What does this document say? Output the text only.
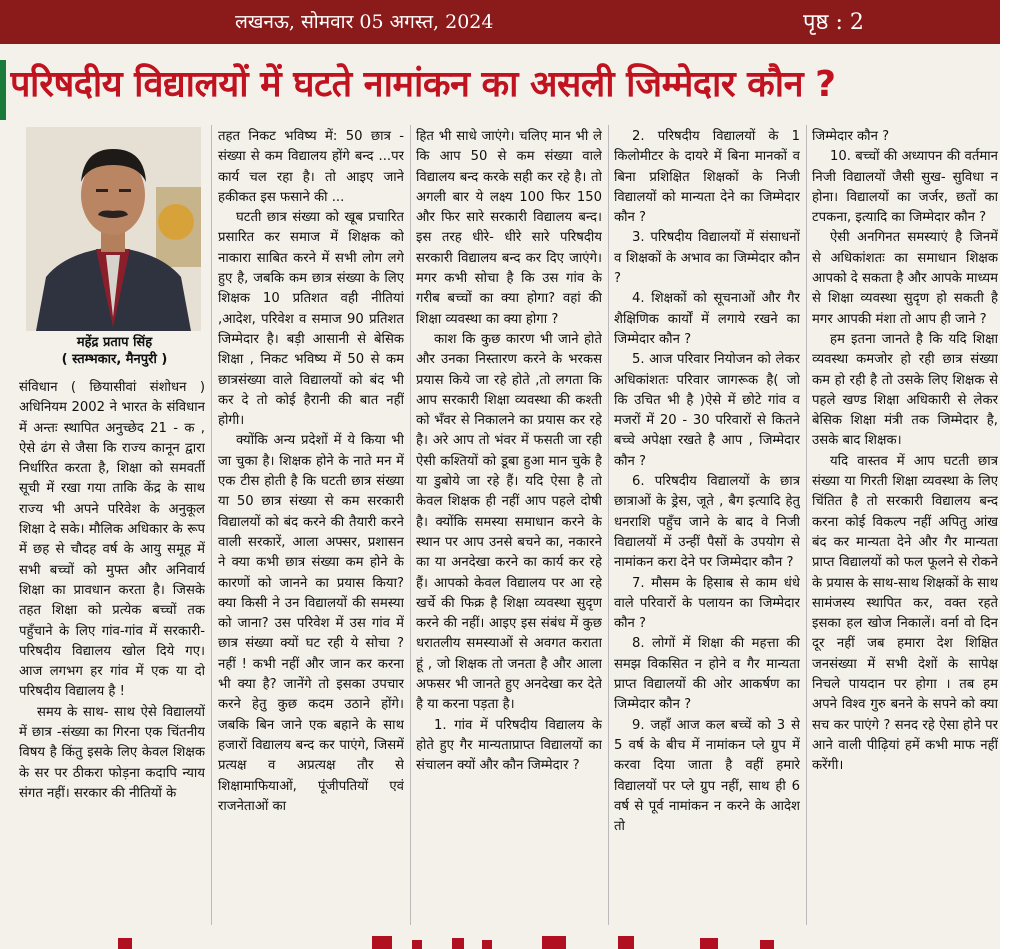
लखनऊ, सोमवार 05 अगस्त, 2024	पृष्ठ : 2
परिषदीय विद्यालयों में घटते नामांकन का असली जिम्मेदार कौन ?
महेंद्र प्रताप सिंह
( स्तम्भकार, मैनपुरी )

संविधान ( छियासीवां संशोधन ) अधिनियम 2002 ने भारत के संविधान में अन्तः स्थापित अनुच्छेद 21 - क , ऐसे ढंग से जैसा कि राज्य कानून द्वारा निर्धारित करता है, शिक्षा को समवर्ती सूची में रखा गया ताकि केंद्र के साथ राज्य भी अपने परिवेश के अनुकूल शिक्षा दे सके। मौलिक अधिकार के रूप में छह से चौदह वर्ष के आयु समूह में सभी बच्चों को मुफ्त और अनिवार्य शिक्षा का प्रावधान करता है। जिसके तहत शिक्षा को प्रत्येक बच्चों तक पहुँचाने के लिए गांव-गांव में सरकारी-परिषदीय विद्यालय खोल दिये गए। आज लगभग हर गांव में एक या दो परिषदीय विद्यालय है !

समय के साथ- साथ ऐसे विद्यालयों में छात्र -संख्या का गिरना एक चिंतनीय विषय है किंतु इसके लिए केवल शिक्षक के सर पर ठीकरा फोड़ना कदापि न्याय संगत नहीं। सरकार की नीतियों के

तहत निकट भविष्य में: 50 छात्र - संख्या से कम विद्यालय होंगे बन्द ...पर कार्य चल रहा है। तो आइए जाने हकीकत इस फसाने की ...

घटती छात्र संख्या को खूब प्रचारित प्रसारित कर समाज में शिक्षक को नाकारा साबित करने में सभी लोग लगे हुए है, जबकि कम छात्र संख्या के लिए शिक्षक 10 प्रतिशत वही नीतियां ,आदेश, परिवेश व समाज 90 प्रतिशत जिम्मेदार है। बड़ी आसानी से बेसिक शिक्षा , निकट भविष्य में 50 से कम छात्रसंख्या वाले विद्यालयों को बंद भी कर दे तो कोई हैरानी की बात नहीं होगी।

क्योंकि अन्य प्रदेशों में ये किया भी जा चुका है। शिक्षक होने के नाते मन में एक टीस होती है कि घटती छात्र संख्या या 50 छात्र संख्या से कम सरकारी विद्यालयों को बंद करने की तैयारी करने वाली सरकारें, आला अफ्सर, प्रशासन ने क्या कभी छात्र संख्या कम होने के कारणों को जानने का प्रयास किया? क्या किसी ने उन विद्यालयों की समस्या को जाना? उस परिवेश में उस गांव में छात्र संख्या क्यों घट रही ये सोचा ? नहीं ! कभी नहीं और जान कर करना भी क्या है? जानेंगे तो इसका उपचार करने हेतु कुछ कदम उठाने होंगे। जबकि बिन जाने एक बहाने के साथ हजारों विद्यालय बन्द कर पाएंगे, जिसमें प्रत्यक्ष व अप्रत्यक्ष तौर से शिक्षामाफियाओं, पूंजीपतियों एवं राजनेताओं का

हित भी साधे जाएंगे। चलिए मान भी ले कि आप 50 से कम संख्या वाले विद्यालय बन्द करके सही कर रहे है। तो अगली बार ये लक्ष्य 100 फिर 150 और फिर सारे सरकारी विद्यालय बन्द। इस तरह धीरे- धीरे सारे परिषदीय सरकारी विद्यालय बन्द कर दिए जाएंगे। मगर कभी सोचा है कि उस गांव के गरीब बच्चों का क्या होगा? वहां की शिक्षा व्यवस्था का क्या होगा ?

काश कि कुछ कारण भी जाने होते और उनका निस्तारण करने के भरकस प्रयास किये जा रहे होते ,तो लगता कि आप सरकारी शिक्षा व्यवस्था की कश्ती को भँवर से निकालने का प्रयास कर रहे है। अरे आप तो भंवर में फसती जा रही ऐसी कश्तियों को डूबा हुआ मान चुके है या डुबोये जा रहे हैं। यदि ऐसा है तो केवल शिक्षक ही नहीं आप पहले दोषी है। क्योंकि समस्या समाधान करने के स्थान पर आप उनसे बचने का, नकारने का या अनदेखा करने का कार्य कर रहे हैं। आपको केवल विद्यालय पर आ रहे खर्चे की फिक्र है शिक्षा व्यवस्था सुदृण करने की नहीं। आइए इस संबंध में कुछ धरातलीय समस्याओं से अवगत कराता हूं , जो शिक्षक तो जनता है और आला अफसर भी जानते हुए अनदेखा कर देते है या करना पड़ता है।

1. गांव में परिषदीय विद्यालय के होते हुए गैर मान्यताप्राप्त विद्यालयों का संचालन क्यों और कौन जिम्मेदार ?

2. परिषदीय विद्यालयों के 1 किलोमीटर के दायरे में बिना मानकों व बिना प्रशिक्षित शिक्षकों के निजी विद्यालयों को मान्यता देने का जिम्मेदार कौन ?

3. परिषदीय विद्यालयों में संसाधनों व शिक्षकों के अभाव का जिम्मेदार कौन ?

4. शिक्षकों को सूचनाओं और गैर शैक्षिणिक कार्यों में लगाये रखने का जिम्मेदार कौन ?

5. आज परिवार नियोजन को लेकर अधिकांशतः परिवार जागरूक है( जो कि उचित भी है )ऐसे में छोटे गांव व मजरों में 20 - 30 परिवारों से कितने बच्चे अपेक्षा रखते है आप , जिम्मेदार कौन ?

6. परिषदीय विद्यालयों के छात्र छात्राओं के ड्रेस, जूते , बैग इत्यादि हेतु धनराशि पहुँच जाने के बाद वे निजी विद्यालयों में उन्हीं पैसों के उपयोग से नामांकन करा देने पर जिम्मेदार कौन ?

7. मौसम के हिसाब से काम धंधे वाले परिवारों के पलायन का जिम्मेदार कौन ?

8. लोगों में शिक्षा की महत्ता की समझ विकसित न होने व गैर मान्यता प्राप्त विद्यालयों की ओर आकर्षण का जिम्मेदार कौन ?

9. जहाँ आज कल बच्चें को 3 से 5 वर्ष के बीच में नामांकन प्ले ग्रुप में करवा दिया जाता है वहीं हमारे विद्यालयों पर प्ले ग्रुप नहीं, साथ ही 6 वर्ष से पूर्व नामांकन न करने के आदेश तो

जिम्मेदार कौन ?

10. बच्चों की अध्यापन की वर्तमान निजी विद्यालयों जैसी सुख- सुविधा न होना। विद्यालयों का जर्जर, छतों का टपकना, इत्यादि का जिम्मेदार कौन ?

ऐसी अनगिनत समस्याएं है जिनमें से अधिकांशतः का समाधान शिक्षक आपको दे सकता है और आपके माध्यम से शिक्षा व्यवस्था सुदृण हो सकती है मगर आपकी मंशा तो आप ही जाने ?

हम इतना जानते है कि यदि शिक्षा व्यवस्था कमजोर हो रही छात्र संख्या कम हो रही है तो उसके लिए शिक्षक से पहले खण्ड शिक्षा अधिकारी से लेकर बेसिक शिक्षा मंत्री तक जिम्मेदार है, उसके बाद शिक्षक।

यदि वास्तव में आप घटती छात्र संख्या या गिरती शिक्षा व्यवस्था के लिए चिंतित है तो सरकारी विद्यालय बन्द करना कोई विकल्प नहीं अपितु आंख बंद कर मान्यता देने और गैर मान्यता प्राप्त विद्यालयों को फल फूलने से रोकने के प्रयास के साथ-साथ शिक्षकों के साथ सामंजस्य स्थापित कर, वक्त रहते इसका हल खोज निकालें। वर्ना वो दिन दूर नहीं जब हमारा देश शिक्षित जनसंख्या में सभी देशों के सापेक्ष निचले पायदान पर होगा । तब हम अपने विश्व गुरु बनने के सपने को क्या सच कर पाएंगे ? सनद रहे ऐसा होने पर आने वाली पीढ़ियां हमें कभी माफ नहीं करेंगी।
